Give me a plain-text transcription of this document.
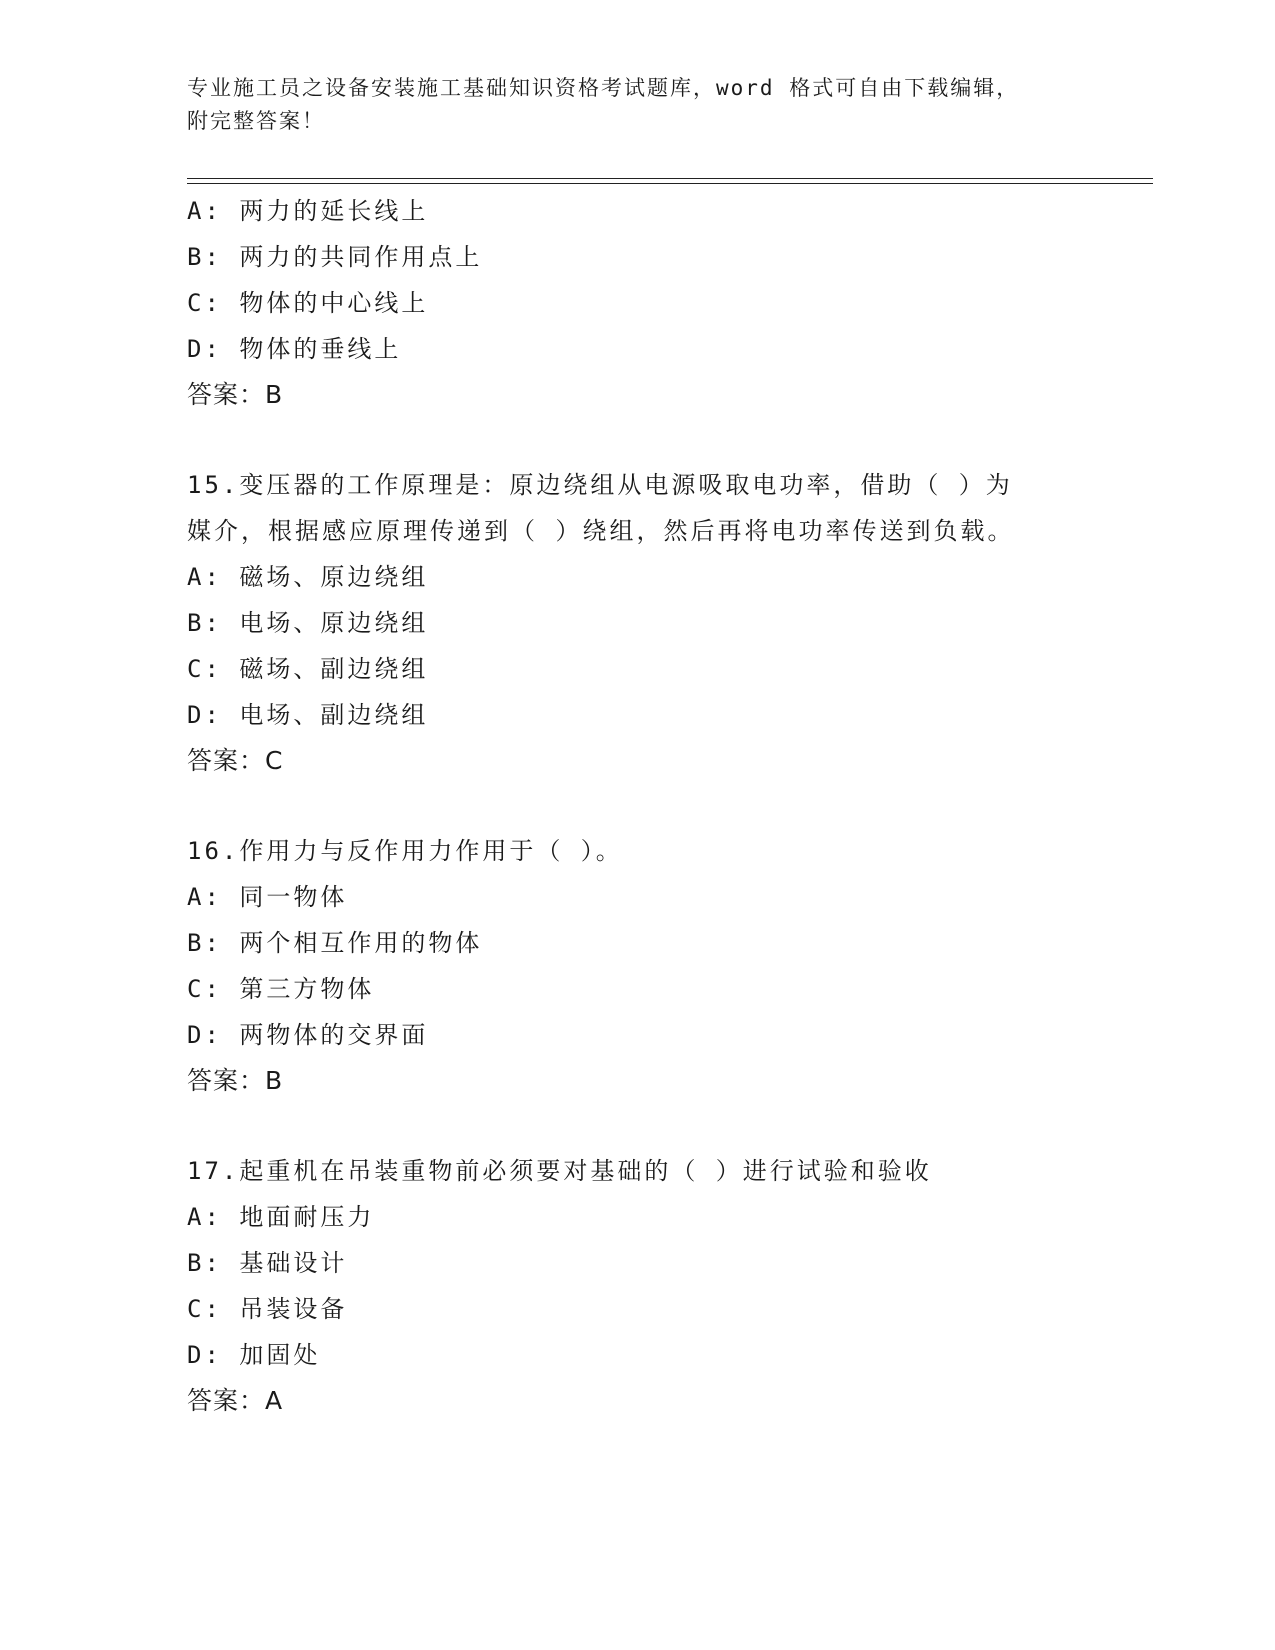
专业施工员之设备安装施工基础知识资格考试题库，word 格式可自由下载编辑，
附完整答案！
A: 两力的延长线上
B: 两力的共同作用点上
C: 物体的中心线上
D: 物体的垂线上
答案：B
15.变压器的工作原理是：原边绕组从电源吸取电功率，借助（ ）为
媒介，根据感应原理传递到（ ）绕组，然后再将电功率传送到负载。
A: 磁场、原边绕组
B: 电场、原边绕组
C: 磁场、副边绕组
D: 电场、副边绕组
答案：C
16.作用力与反作用力作用于（ ）。
A: 同一物体
B: 两个相互作用的物体
C: 第三方物体
D: 两物体的交界面
答案：B
17.起重机在吊装重物前必须要对基础的（ ）进行试验和验收
A: 地面耐压力
B: 基础设计
C: 吊装设备
D: 加固处
答案：A
